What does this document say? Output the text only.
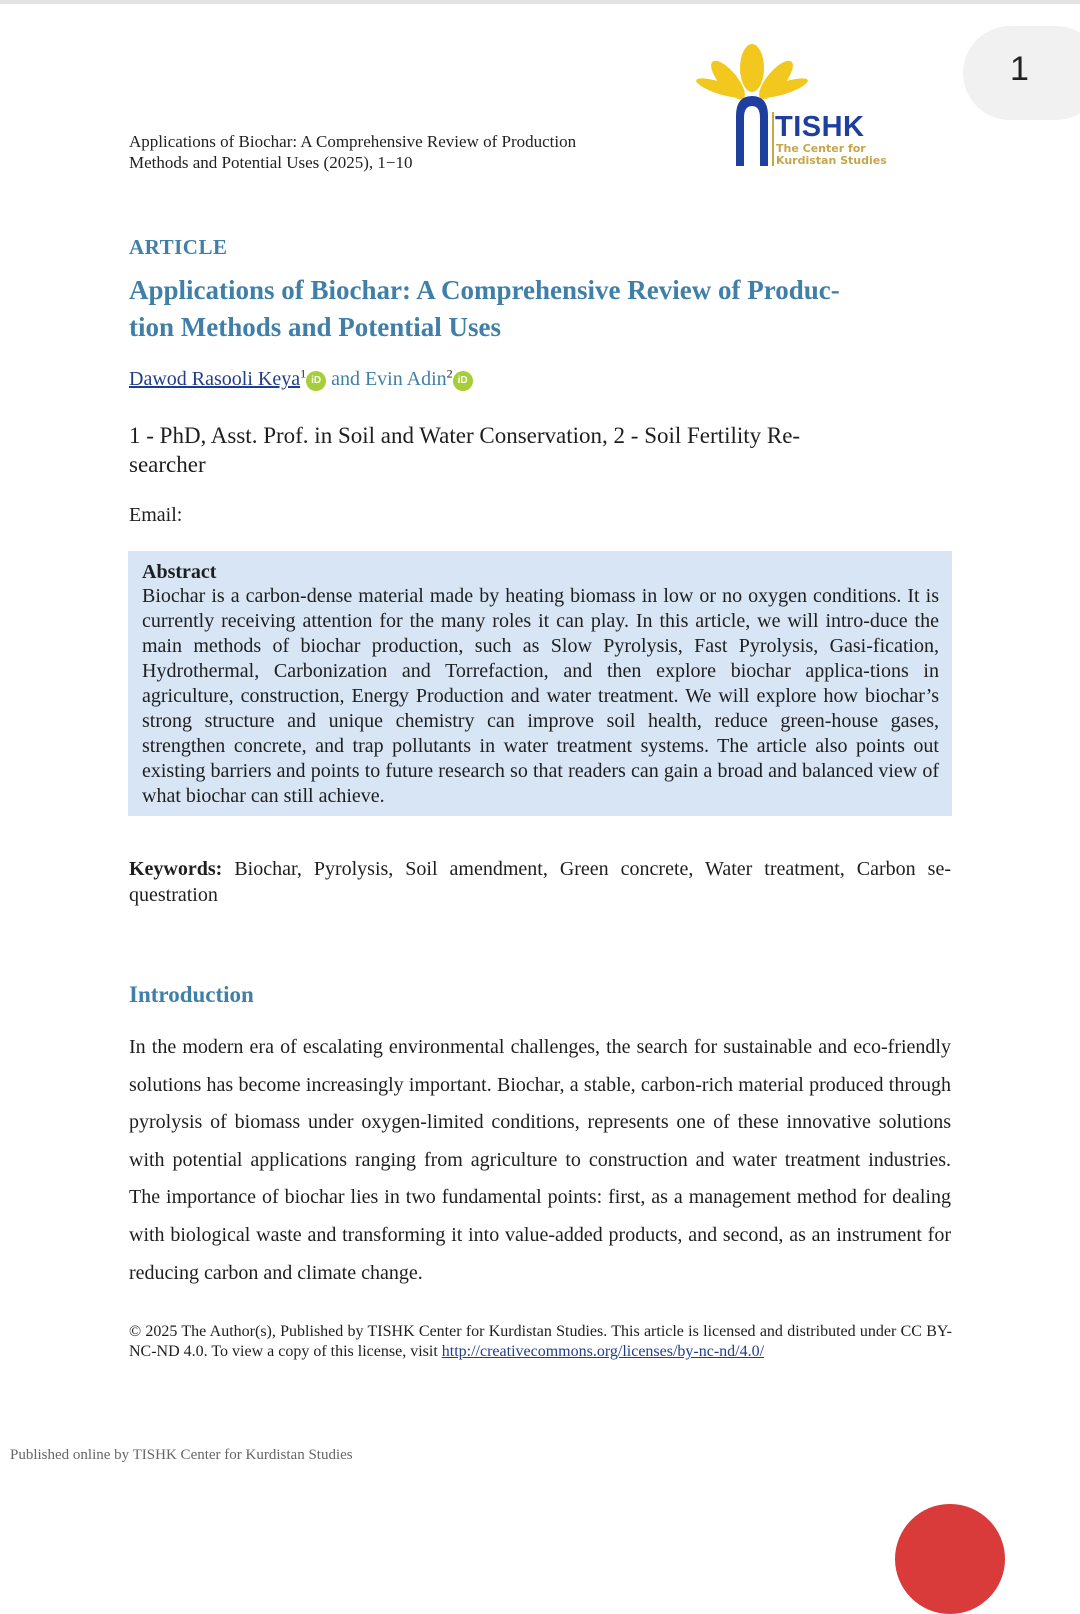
1
Applications of Biochar: A Comprehensive Review of Production
Methods and Potential Uses (2025), 1−10
TISHK
The Center for
Kurdistan Studies
ARTICLE
Applications of Biochar: A Comprehensive Review of Produc-
tion Methods and Potential Uses
Dawod Rasooli Keya$^1$iD and Evin Adin$^2$iD
1 - PhD, Asst. Prof. in Soil and Water Conservation, 2 - Soil Fertility Re-
searcher
Email:
Abstract
Biochar is a carbon-dense material made by heating biomass in low or no oxygen conditions. It is currently receiving attention for the many roles it can play. In this article, we will intro-duce the main methods of biochar production, such as Slow Pyrolysis, Fast Pyrolysis, Gasi-fication, Hydrothermal, Carbonization and Torrefaction, and then explore biochar applica-tions in agriculture, construction, Energy Production and water treatment. We will explore how biochar’s strong structure and unique chemistry can improve soil health, reduce green-house gases, strengthen concrete, and trap pollutants in water treatment systems. The article also points out existing barriers and points to future research so that readers can gain a broad and balanced view of what biochar can still achieve.
Keywords: Biochar, Pyrolysis, Soil amendment, Green concrete, Water treatment, Carbon se-questration
Introduction
In the modern era of escalating environmental challenges, the search for sustainable and eco-friendly solutions has become increasingly important. Biochar, a stable, carbon-rich material produced through pyrolysis of biomass under oxygen-limited conditions, represents one of these innovative solutions with potential applications ranging from agriculture to construction and water treatment industries. The importance of biochar lies in two fundamental points: first, as a management method for dealing with biological waste and transforming it into value-added products, and second, as an instrument for reducing carbon and climate change.
© 2025 The Author(s), Published by TISHK Center for Kurdistan Studies. This article is licensed and distributed under CC BY-NC-ND 4.0. To view a copy of this license, visit http://creativecommons.org/licenses/by-nc-nd/4.0/
Published online by TISHK Center for Kurdistan Studies
